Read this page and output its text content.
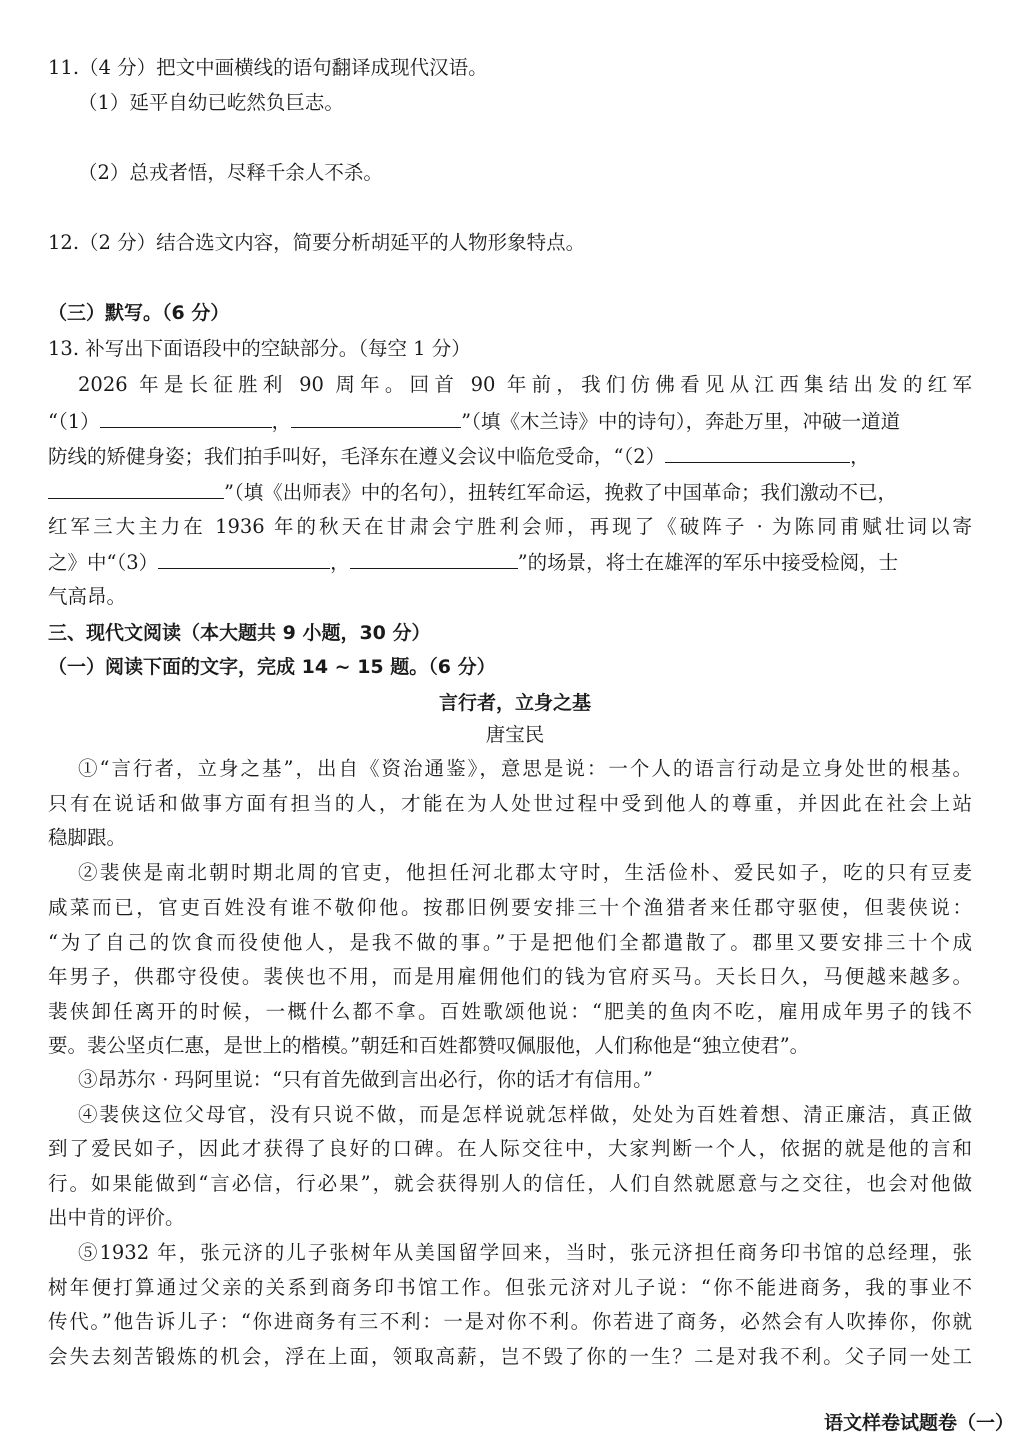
11.（4 分）把文中画横线的语句翻译成现代汉语。
（1）延平自幼已屹然负巨志。
（2）总戎者悟，尽释千余人不杀。
12.（2 分）结合选文内容，简要分析胡延平的人物形象特点。
（三）默写。（6 分）
13. 补写出下面语段中的空缺部分。（每空 1 分）
2026 年是长征胜利 90 周年。回首 90 年前，我们仿佛看见从江西集结出发的红军
“（1）	，	”（填《木兰诗》中的诗句），奔赴万里，冲破一道道
防线的矫健身姿；我们拍手叫好，毛泽东在遵义会议中临危受命，“（2）	，
”（填《出师表》中的名句），扭转红军命运，挽救了中国革命；我们激动不已，
红军三大主力在 1936 年的秋天在甘肃会宁胜利会师，再现了《破阵子 · 为陈同甫赋壮词以寄
之》中“（3）	，	”的场景，将士在雄浑的军乐中接受检阅，士
气高昂。
三、现代文阅读（本大题共 9 小题，30 分）
（一）阅读下面的文字，完成 14 ~ 15 题。（6 分）
言行者，立身之基
唐宝民
①“言行者，立身之基”，出自《资治通鉴》，意思是说：一个人的语言行动是立身处世的根基。
只有在说话和做事方面有担当的人，才能在为人处世过程中受到他人的尊重，并因此在社会上站
稳脚跟。
②裴侠是南北朝时期北周的官吏，他担任河北郡太守时，生活俭朴、爱民如子，吃的只有豆麦
咸菜而已，官吏百姓没有谁不敬仰他。按郡旧例要安排三十个渔猎者来任郡守驱使，但裴侠说：
“为了自己的饮食而役使他人，是我不做的事。”于是把他们全都遣散了。郡里又要安排三十个成
年男子，供郡守役使。裴侠也不用，而是用雇佣他们的钱为官府买马。天长日久，马便越来越多。
裴侠卸任离开的时候，一概什么都不拿。百姓歌颂他说：“肥美的鱼肉不吃，雇用成年男子的钱不
要。裴公坚贞仁惠，是世上的楷模。”朝廷和百姓都赞叹佩服他，人们称他是“独立使君”。
③昂苏尔 · 玛阿里说：“只有首先做到言出必行，你的话才有信用。”
④裴侠这位父母官，没有只说不做，而是怎样说就怎样做，处处为百姓着想、清正廉洁，真正做
到了爱民如子，因此才获得了良好的口碑。在人际交往中，大家判断一个人，依据的就是他的言和
行。如果能做到“言必信，行必果”，就会获得别人的信任，人们自然就愿意与之交往，也会对他做
出中肯的评价。
⑤1932 年，张元济的儿子张树年从美国留学回来，当时，张元济担任商务印书馆的总经理，张
树年便打算通过父亲的关系到商务印书馆工作。但张元济对儿子说：“你不能进商务，我的事业不
传代。”他告诉儿子：“你进商务有三不利：一是对你不利。你若进了商务，必然会有人吹捧你，你就
会失去刻苦锻炼的机会，浮在上面，领取高薪，岂不毁了你的一生？二是对我不利。父子同一处工
语文样卷试题卷（一）
